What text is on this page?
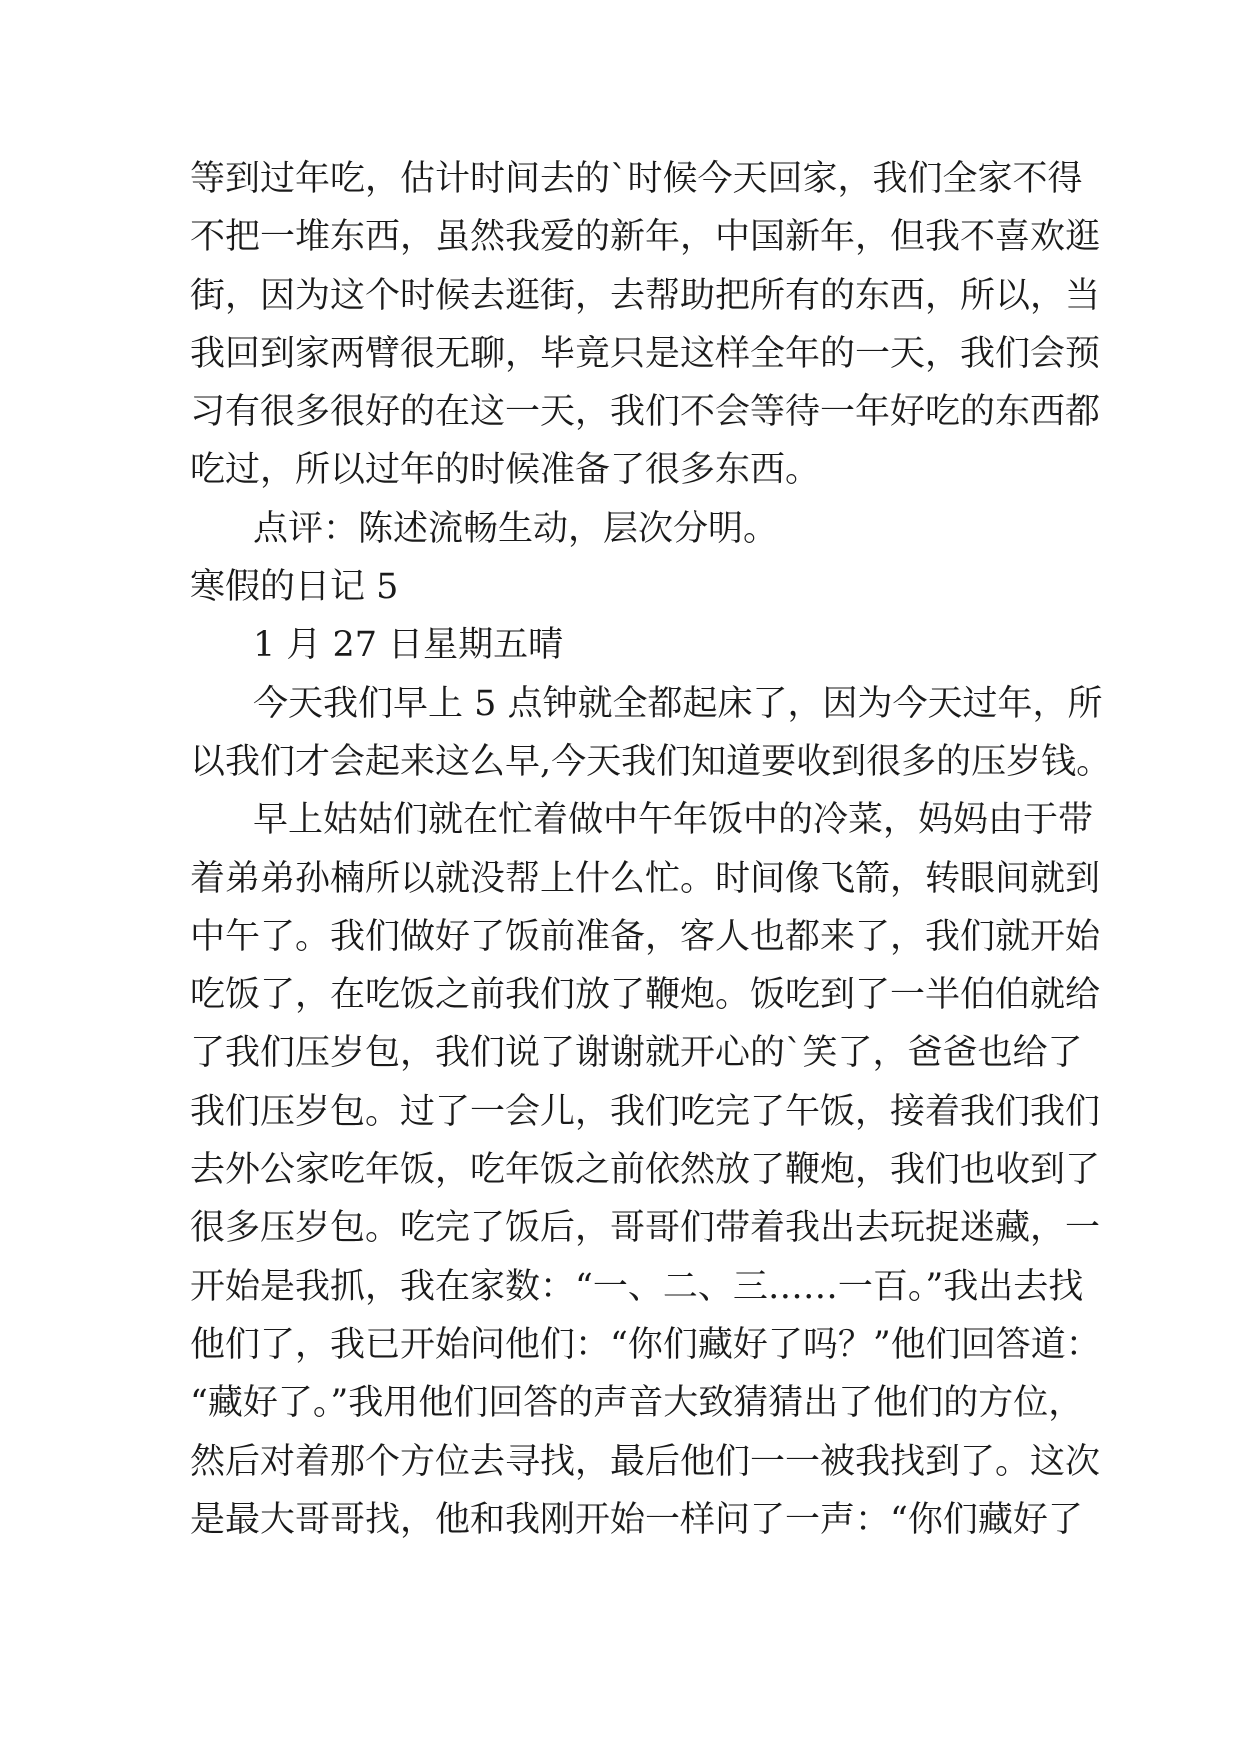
等到过年吃，估计时间去的`时候今天回家，我们全家不得

不把一堆东西，虽然我爱的新年，中国新年，但我不喜欢逛

街，因为这个时候去逛街，去帮助把所有的东西，所以，当

我回到家两臂很无聊，毕竟只是这样全年的一天，我们会预

习有很多很好的在这一天，我们不会等待一年好吃的东西都

吃过，所以过年的时候准备了很多东西。

点评：陈述流畅生动，层次分明。

寒假的日记 5

1 月 27 日星期五晴

今天我们早上 5 点钟就全都起床了，因为今天过年，所

以我们才会起来这么早,今天我们知道要收到很多的压岁钱。

早上姑姑们就在忙着做中午年饭中的冷菜，妈妈由于带

着弟弟孙楠所以就没帮上什么忙。时间像飞箭，转眼间就到

中午了。我们做好了饭前准备，客人也都来了，我们就开始

吃饭了，在吃饭之前我们放了鞭炮。饭吃到了一半伯伯就给

了我们压岁包，我们说了谢谢就开心的`笑了，爸爸也给了

我们压岁包。过了一会儿，我们吃完了午饭，接着我们我们

去外公家吃年饭，吃年饭之前依然放了鞭炮，我们也收到了

很多压岁包。吃完了饭后，哥哥们带着我出去玩捉迷藏，一

开始是我抓，我在家数：“一、二、三……一百。”我出去找

他们了，我已开始问他们：“你们藏好了吗？”他们回答道：

“藏好了。”我用他们回答的声音大致猜猜出了他们的方位，

然后对着那个方位去寻找，最后他们一一被我找到了。这次

是最大哥哥找，他和我刚开始一样问了一声：“你们藏好了
